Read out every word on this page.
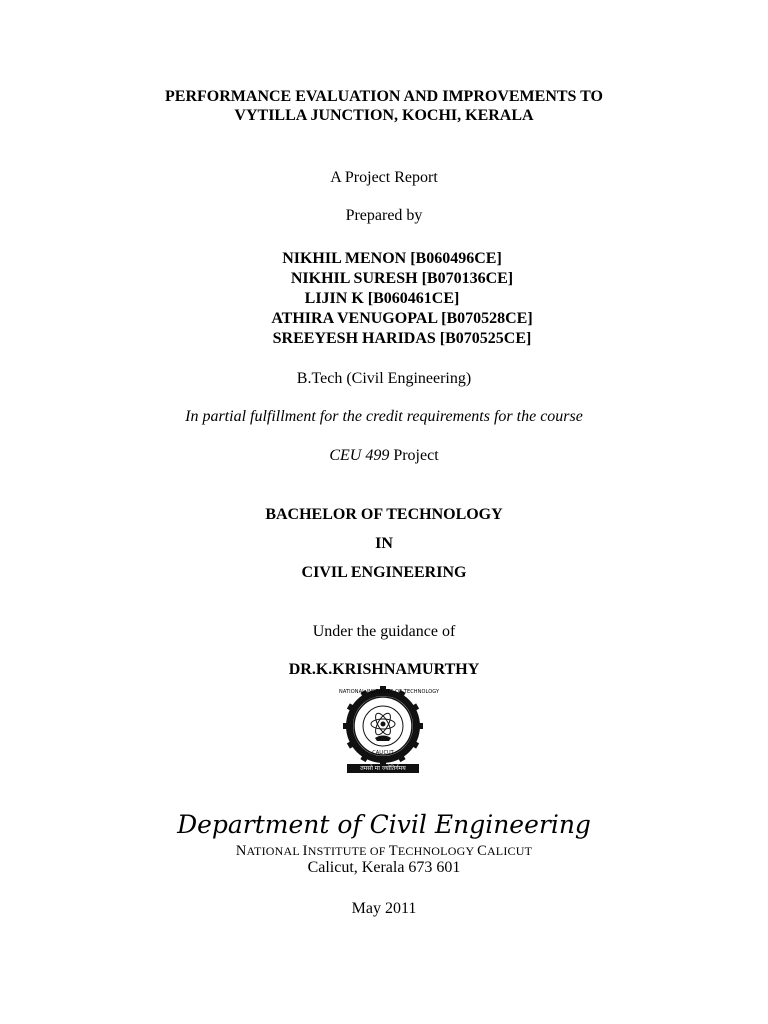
PERFORMANCE EVALUATION AND IMPROVEMENTS TO
VYTILLA JUNCTION, KOCHI, KERALA
A Project Report
Prepared by
NIKHIL MENON [B060496CE]
NIKHIL SURESH [B070136CE]
LIJIN K [B060461CE]
ATHIRA VENUGOPAL [B070528CE]
SREEYESH HARIDAS [B070525CE]
B.Tech (Civil Engineering)
In partial fulfillment for the credit requirements for the course
CEU 499 Project
BACHELOR OF TECHNOLOGY
IN
CIVIL ENGINEERING
Under the guidance of
DR.K.KRISHNAMURTHY
NATIONAL INSTITUTE OF TECHNOLOGY
CALICUT
तमसो मा ज्योतिर्गमय
Department of Civil Engineering
NATIONAL INSTITUTE OF TECHNOLOGY CALICUT
Calicut, Kerala 673 601
May 2011
